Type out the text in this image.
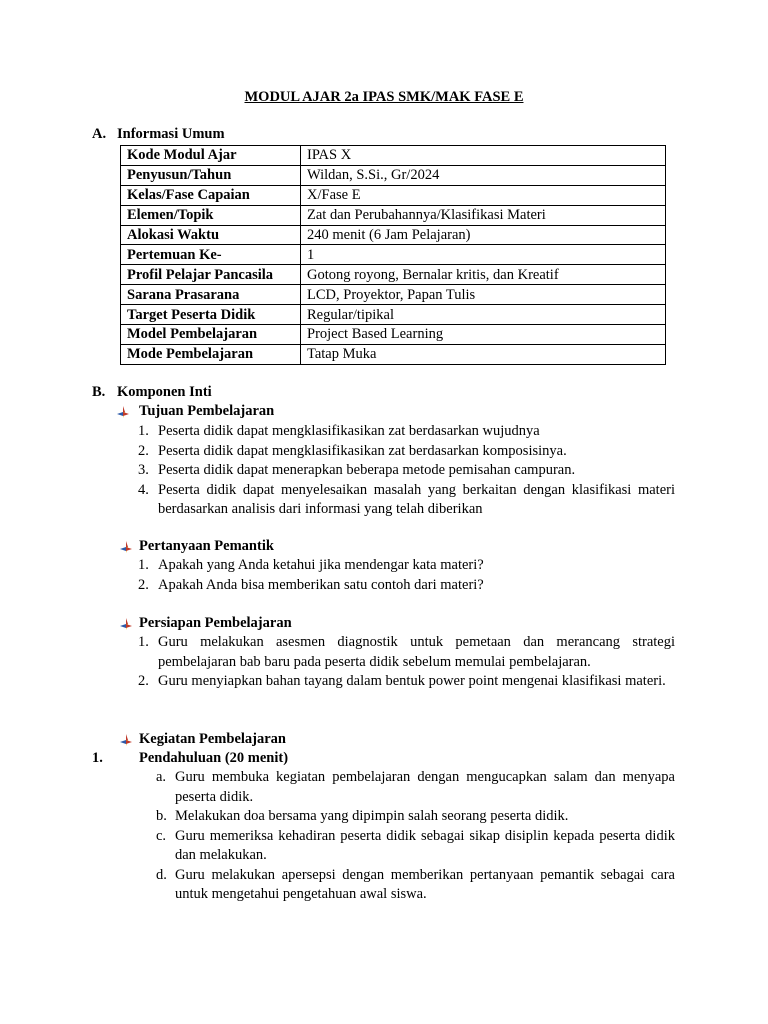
MODUL AJAR 2a IPAS SMK/MAK FASE E
A. Informasi Umum
Kode Modul Ajar	IPAS X
Penyusun/Tahun	Wildan, S.Si., Gr/2024
Kelas/Fase Capaian	X/Fase E
Elemen/Topik	Zat dan Perubahannya/Klasifikasi Materi
Alokasi Waktu	240 menit (6 Jam Pelajaran)
Pertemuan Ke-	1
Profil Pelajar Pancasila	Gotong royong, Bernalar kritis, dan Kreatif
Sarana Prasarana	LCD, Proyektor, Papan Tulis
Target Peserta Didik	Regular/tipikal
Model Pembelajaran	Project Based Learning
Mode Pembelajaran	Tatap Muka
B. Komponen Inti
Tujuan Pembelajaran
1. Peserta didik dapat mengklasifikasikan zat berdasarkan wujudnya
2. Peserta didik dapat mengklasifikasikan zat berdasarkan komposisinya.
3. Peserta didik dapat menerapkan beberapa metode pemisahan campuran.
4. Peserta didik dapat menyelesaikan masalah yang berkaitan dengan klasifikasi materi berdasarkan analisis dari informasi yang telah diberikan
Pertanyaan Pemantik
1. Apakah yang Anda ketahui jika mendengar kata materi?
2. Apakah Anda bisa memberikan satu contoh dari materi?
Persiapan Pembelajaran
1. Guru melakukan asesmen diagnostik untuk pemetaan dan merancang strategi pembelajaran bab baru pada peserta didik sebelum memulai pembelajaran.
2. Guru menyiapkan bahan tayang dalam bentuk power point mengenai klasifikasi materi.
Kegiatan Pembelajaran
1. Pendahuluan (20 menit)
a. Guru membuka kegiatan pembelajaran dengan mengucapkan salam dan menyapa peserta didik.
b. Melakukan doa bersama yang dipimpin salah seorang peserta didik.
c. Guru memeriksa kehadiran peserta didik sebagai sikap disiplin kepada peserta didik dan melakukan.
d. Guru melakukan apersepsi dengan memberikan pertanyaan pemantik sebagai cara untuk mengetahui pengetahuan awal siswa.
